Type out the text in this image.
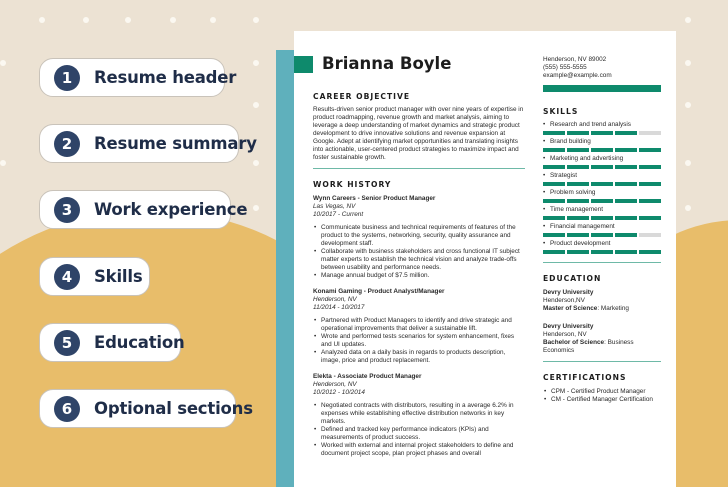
1	Resume header
2	Resume summary
3	Work experience
4	Skills
5	Education
6	Optional sections
Brianna Boyle
CAREER OBJECTIVE
Results-driven senior product manager with over nine years of expertise in product roadmapping, revenue growth and market analysis, aiming to leverage a deep understanding of market dynamics and strategic product development to drive innovative solutions and revenue expansion at Google. Adept at identifying market opportunities and translating insights into actionable, user-centered product strategies to maximize impact and foster sustainable growth.
WORK HISTORY
Wynn Careers - Senior Product Manager
Las Vegas, NV
10/2017 - Current
• Communicate business and technical requirements of features of the product to the systems, networking, security, quality assurance and development staff.
• Collaborate with business stakeholders and cross functional IT subject matter experts to establish the technical vision and analyze trade-offs between usability and performance needs.
• Manage annual budget of $7.5 million.
Konami Gaming - Product Analyst/Manager
Henderson, NV
11/2014 - 10/2017
• Partnered with Product Managers to identify and drive strategic and operational improvements that deliver a sustainable lift.
• Wrote and performed tests scenarios for system enhancement, fixes and UI updates.
• Analyzed data on a daily basis in regards to products description, image, price and product replacement.
Elekta - Associate Product Manager
Henderson, NV
10/2012 - 10/2014
• Negotiated contracts with distributors, resulting in a average 6.2% in expenses while establishing effective distribution networks in key markets.
• Defined and tracked key performance indicators (KPIs) and measurements of product success.
• Worked with external and internal project stakeholders to define and document project scope, plan project phases and overall
Henderson, NV 89002
(555) 555-5555
example@example.com
SKILLS
• Research and trend analysis
• Brand building
• Marketing and advertising
• Strategist
• Problem solving
• Time management
• Financial management
• Product development
EDUCATION
Devry University
Henderson,NV
Master of Science: Marketing
Devry University
Henderson, NV
Bachelor of Science: Business Economics
CERTIFICATIONS
• CPM - Certified Product Manager
• CM - Certified Manager Certification
